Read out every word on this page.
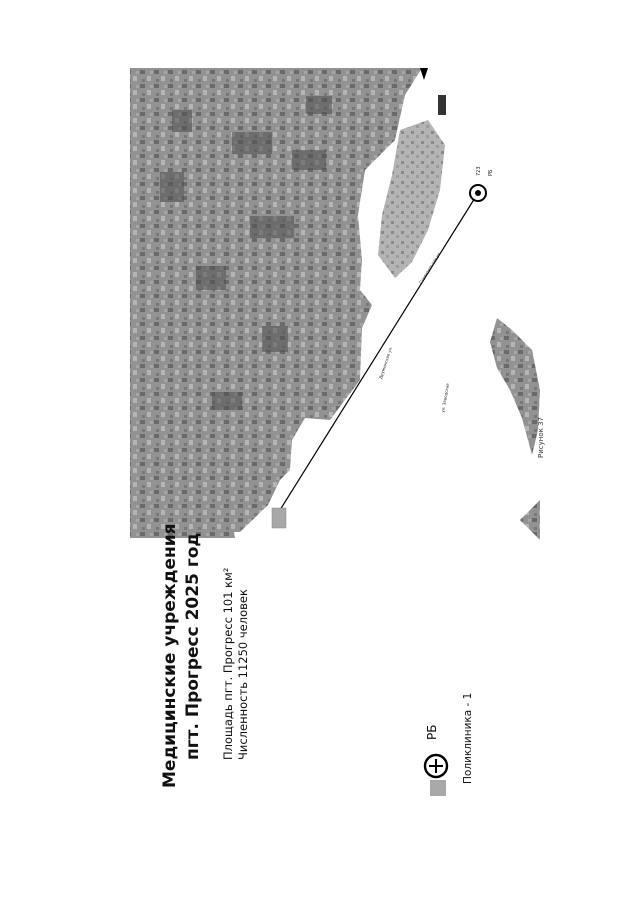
Дружинская ул.
Строительная ул.
ул. Заводская
723 РБ
Медицинские учреждения пгт. Прогресс 2025 год Площадь пгт. Прогресс 101 км² Численность 11250 человек	РБ Поликлиника - 1
Рисунок 37
